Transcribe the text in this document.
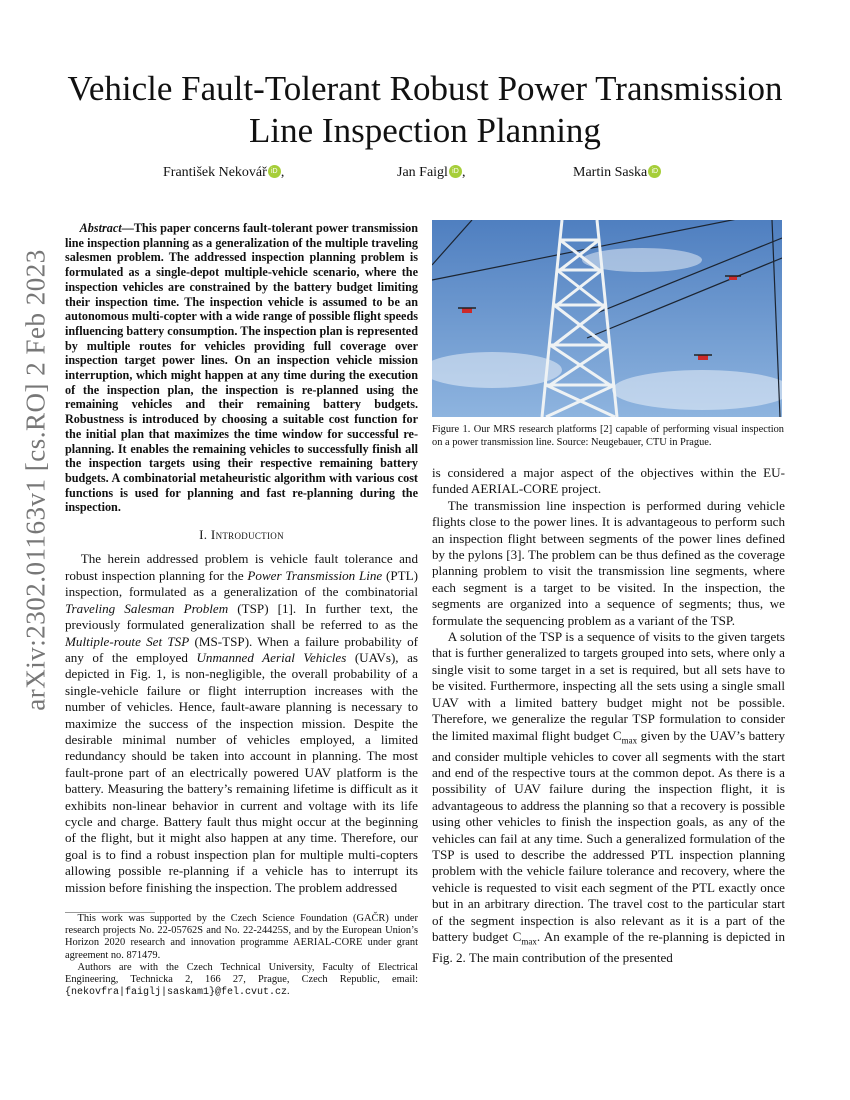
arXiv:2302.01163v1 [cs.RO] 2 Feb 2023
Vehicle Fault-Tolerant Robust Power Transmission Line Inspection Planning
František Nekovář iD ,	Jan Faigl iD ,	Martin Saska iD

Abstract—This paper concerns fault-tolerant power transmission line inspection planning as a generalization of the multiple traveling salesmen problem. The addressed inspection planning problem is formulated as a single-depot multiple-vehicle scenario, where the inspection vehicles are constrained by the battery budget limiting their inspection time. The inspection vehicle is assumed to be an autonomous multi-copter with a wide range of possible flight speeds influencing battery consumption. The inspection plan is represented by multiple routes for vehicles providing full coverage over inspection target power lines. On an inspection vehicle mission interruption, which might happen at any time during the execution of the inspection plan, the inspection is re-planned using the remaining vehicles and their remaining battery budgets. Robustness is introduced by choosing a suitable cost function for the initial plan that maximizes the time window for successful re-planning. It enables the remaining vehicles to successfully finish all the inspection targets using their respective remaining battery budgets. A combinatorial metaheuristic algorithm with various cost functions is used for planning and fast re-planning during the inspection.

I. Introduction

The herein addressed problem is vehicle fault tolerance and robust inspection planning for the Power Transmission Line (PTL) inspection, formulated as a generalization of the combinatorial Traveling Salesman Problem (TSP) [1]. In further text, the previously formulated generalization shall be referred to as the Multiple-route Set TSP (MS-TSP). When a failure probability of any of the employed Unmanned Aerial Vehicles (UAVs), as depicted in Fig. 1, is non-negligible, the overall probability of a single-vehicle failure or flight interruption increases with the number of vehicles. Hence, fault-aware planning is necessary to maximize the success of the inspection mission. Despite the desirable minimal number of vehicles employed, a limited redundancy should be taken into account in planning. The most fault-prone part of an electrically powered UAV platform is the battery. Measuring the battery’s remaining lifetime is difficult as it exhibits non-linear behavior in current and voltage with its life cycle and charge. Battery fault thus might occur at the beginning of the flight, but it might also happen at any time. Therefore, our goal is to find a robust inspection plan for multiple multi-copters allowing possible re-planning if a vehicle has to interrupt its mission before finishing the inspection. The problem addressed

This work was supported by the Czech Science Foundation (GAČR) under research projects No. 22-05762S and No. 22-24425S, and by the European Union’s Horizon 2020 research and innovation programme AERIAL-CORE under grant agreement no. 871479.

Authors are with the Czech Technical University, Faculty of Electrical Engineering, Technicka 2, 166 27, Prague, Czech Republic, email: {nekovfra|faiglj|saskam1}@fel.cvut.cz.

Figure 1. Our MRS research platforms [2] capable of performing visual inspection on a power transmission line. Source: Neugebauer, CTU in Prague.

is considered a major aspect of the objectives within the EU-funded AERIAL-CORE project.

The transmission line inspection is performed during vehicle flights close to the power lines. It is advantageous to perform such an inspection flight between segments of the power lines defined by the pylons [3]. The problem can be thus defined as the coverage planning problem to visit the transmission line segments, where each segment is a target to be visited. In the inspection, the segments are organized into a sequence of segments; thus, we formulate the sequencing problem as a variant of the TSP.

A solution of the TSP is a sequence of visits to the given targets that is further generalized to targets grouped into sets, where only a single visit to some target in a set is required, but all sets have to be visited. Furthermore, inspecting all the sets using a single small UAV with a limited battery budget might not be possible. Therefore, we generalize the regular TSP formulation to consider the limited maximal flight budget $C_{max}$ given by the UAV’s battery and consider multiple vehicles to cover all segments with the start and end of the respective tours at the common depot. As there is a possibility of UAV failure during the inspection flight, it is advantageous to address the planning so that a recovery is possible using other vehicles to finish the inspection goals, as any of the vehicles can fail at any time. Such a generalized formulation of the TSP is used to describe the addressed PTL inspection planning problem with the vehicle failure tolerance and recovery, where the vehicle is requested to visit each segment of the PTL exactly once but in an arbitrary direction. The travel cost to the particular start of the segment inspection is also relevant as it is a part of the battery budget $C_{max}$. An example of the re-planning is depicted in Fig. 2. The main contribution of the presented
